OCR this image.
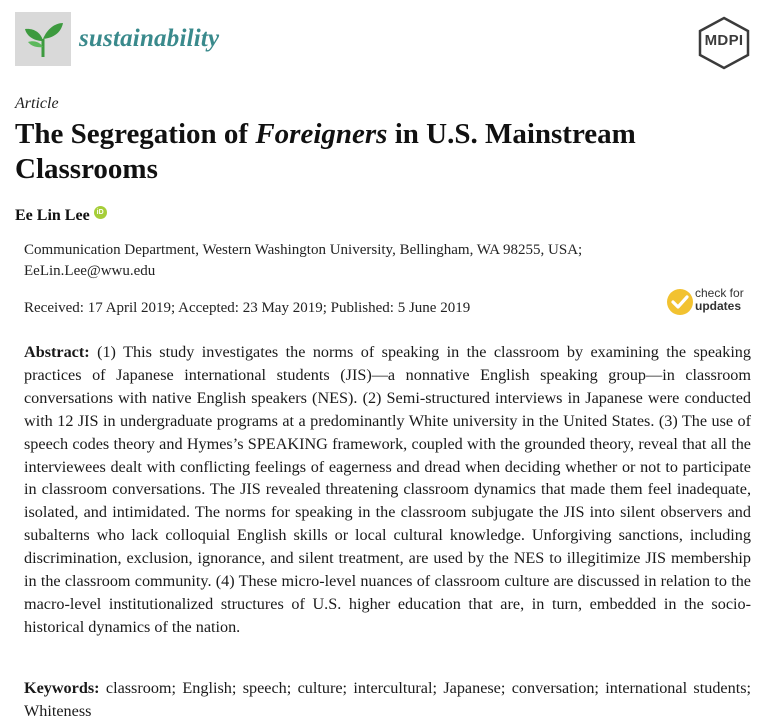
sustainability	MDPI
Article
The Segregation of Foreigners in U.S. Mainstream Classrooms
Ee Lin Lee	iD
Communication Department, Western Washington University, Bellingham, WA 98255, USA;
EeLin.Lee@wwu.edu
Received: 17 April 2019; Accepted: 23 May 2019; Published: 5 June 2019
check for
updates

Abstract: (1) This study investigates the norms of speaking in the classroom by examining the speaking practices of Japanese international students (JIS)—a nonnative English speaking group—in classroom conversations with native English speakers (NES). (2) Semi-structured interviews in Japanese were conducted with 12 JIS in undergraduate programs at a predominantly White university in the United States. (3) The use of speech codes theory and Hymes’s SPEAKING framework, coupled with the grounded theory, reveal that all the interviewees dealt with conflicting feelings of eagerness and dread when deciding whether or not to participate in classroom conversations. The JIS revealed threatening classroom dynamics that made them feel inadequate, isolated, and intimidated. The norms for speaking in the classroom subjugate the JIS into silent observers and subalterns who lack colloquial English skills or local cultural knowledge. Unforgiving sanctions, including discrimination, exclusion, ignorance, and silent treatment, are used by the NES to illegitimize JIS membership in the classroom community. (4) These micro-level nuances of classroom culture are discussed in relation to the macro-level institutionalized structures of U.S. higher education that are, in turn, embedded in the socio-historical dynamics of the nation.

Keywords: classroom; English; speech; culture; intercultural; Japanese; conversation; international students; Whiteness
